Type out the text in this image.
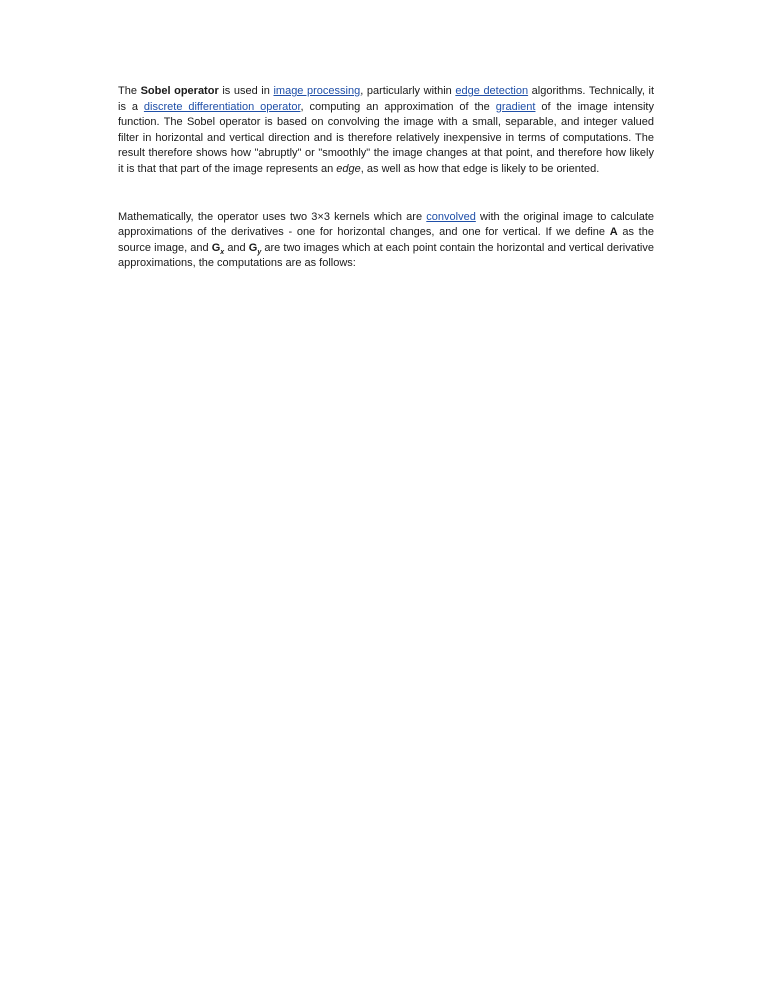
The Sobel operator is used in image processing, particularly within edge detection algorithms. Technically, it is a discrete differentiation operator, computing an approximation of the gradient of the image intensity function. The Sobel operator is based on convolving the image with a small, separable, and integer valued filter in horizontal and vertical direction and is therefore relatively inexpensive in terms of computations. The result therefore shows how "abruptly" or "smoothly" the image changes at that point, and therefore how likely it is that that part of the image represents an edge, as well as how that edge is likely to be oriented.

Mathematically, the operator uses two 3×3 kernels which are convolved with the original image to calculate approximations of the derivatives - one for horizontal changes, and one for vertical. If we define A as the source image, and $G_x$ and $G_y$ are two images which at each point contain the horizontal and vertical derivative approximations, the computations are as follows:
